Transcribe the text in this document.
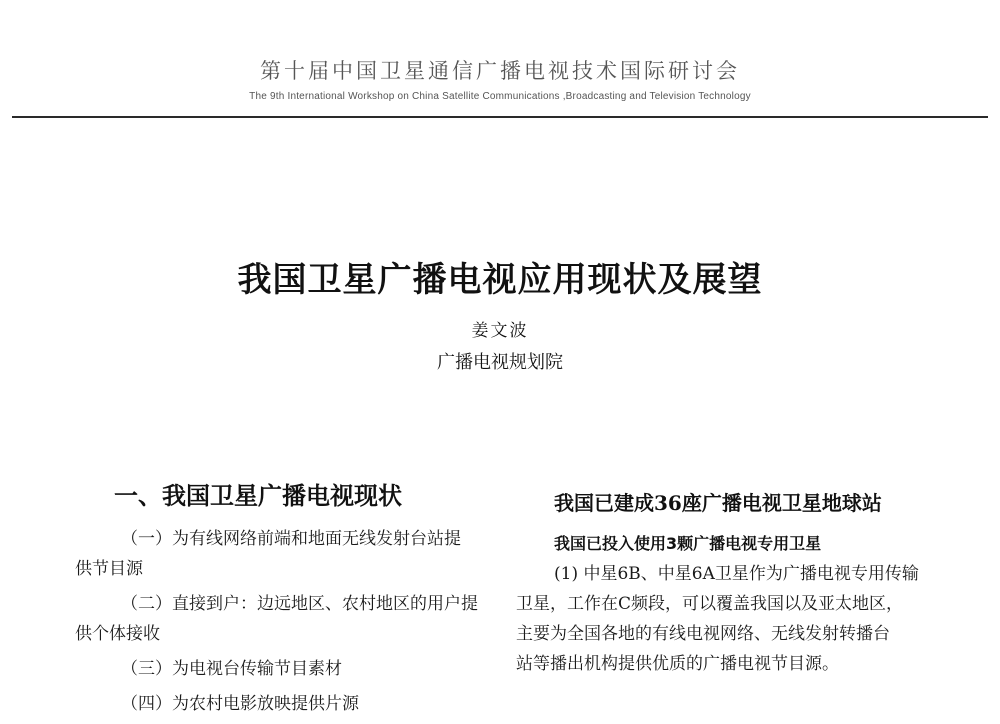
第十届中国卫星通信广播电视技术国际研讨会
The 9th International Workshop on China Satellite Communications ,Broadcasting and Television Technology
我国卫星广播电视应用现状及展望
姜文波
广播电视规划院
一、我国卫星广播电视现状

（一）为有线网络前端和地面无线发射台站提
供节目源

（二）直接到户：边远地区、农村地区的用户提
供个体接收

（三）为电视台传输节目素材

（四）为农村电影放映提供片源

我国已建成36座广播电视卫星地球站
我国已投入使用3颗广播电视专用卫星

(1) 中星6B、中星6A卫星作为广播电视专用传输
卫星，工作在C频段，可以覆盖我国以及亚太地区，
主要为全国各地的有线电视网络、无线发射转播台
站等播出机构提供优质的广播电视节目源。
